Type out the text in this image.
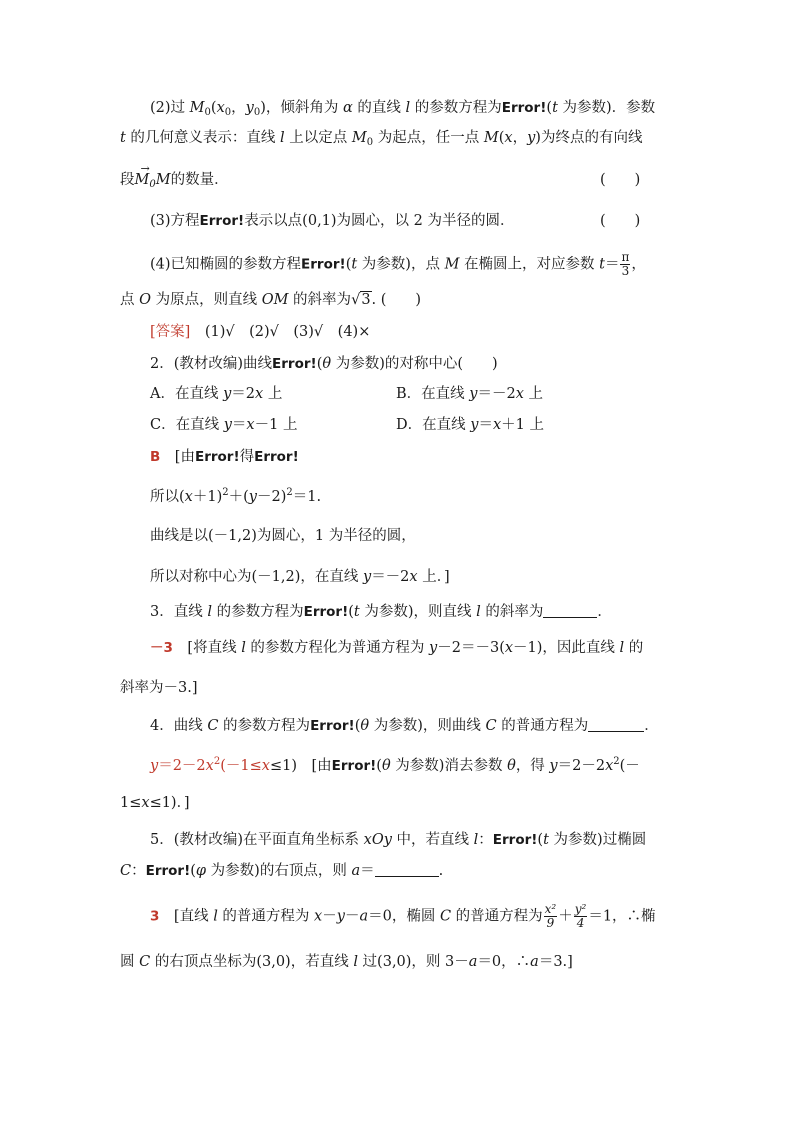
(2)过 $M_0(x_0$，$y_0$)，倾斜角为 α 的直线 l 的参数方程为Error!(t 为参数)．参数
t 的几何意义表示：直线 l 上以定点 $M_0$ 为起点，任一点 M(x，y)为终点的有向线
段
→
$M_0M$的数量．	(　　)
(3)方程Error!表示以点(0,1)为圆心，以 2 为半径的圆．	(　　)
(4)已知椭圆的参数方程Error!(t 为参数)，点 M 在椭圆上，对应参数 $t= \frac{\pi}{3}$ ，
点 O 为原点，则直线 OM 的斜率为√3. (　　)
[答案]　(1)√　(2)√　(3)√　(4)×
2．(教材改编)曲线Error!(θ 为参数)的对称中心(　　)
A．在直线 y＝2x 上	B．在直线 y＝－2x 上
C．在直线 y＝x－1 上	D．在直线 y＝x＋1 上
B　[由Error!得Error!
所以$(x+1)^2+(y-2)^2=1$.
曲线是以(－1,2)为圆心，1 为半径的圆，
所以对称中心为(－1,2)，在直线 y＝－2x 上．]
3．直线 l 的参数方程为Error!(t 为参数)，则直线 l 的斜率为	．
－3　[将直线 l 的参数方程化为普通方程为 y－2＝－3(x－1)，因此直线 l 的
斜率为－3.]
4．曲线 C 的参数方程为Error!(θ 为参数)，则曲线 C 的普通方程为	．
$y=2-2x^2(-1\le x\le 1)$　[由Error!(θ 为参数)消去参数 θ，得 $y=2-2x^2(-$
1≤x≤1)．]
5．(教材改编)在平面直角坐标系 xOy 中，若直线 l：Error!(t 为参数)过椭圆
C：Error!(φ 为参数)的右顶点，则 a＝	.
3　[直线 l 的普通方程为 x－y－a＝0，椭圆 C 的普通方程为 $\frac{\text{x²}}{9} + \frac{\text{y²}}{4} =1$，∴椭
圆 C 的右顶点坐标为(3,0)，若直线 l 过(3,0)，则 3－a＝0，∴a＝3.]
